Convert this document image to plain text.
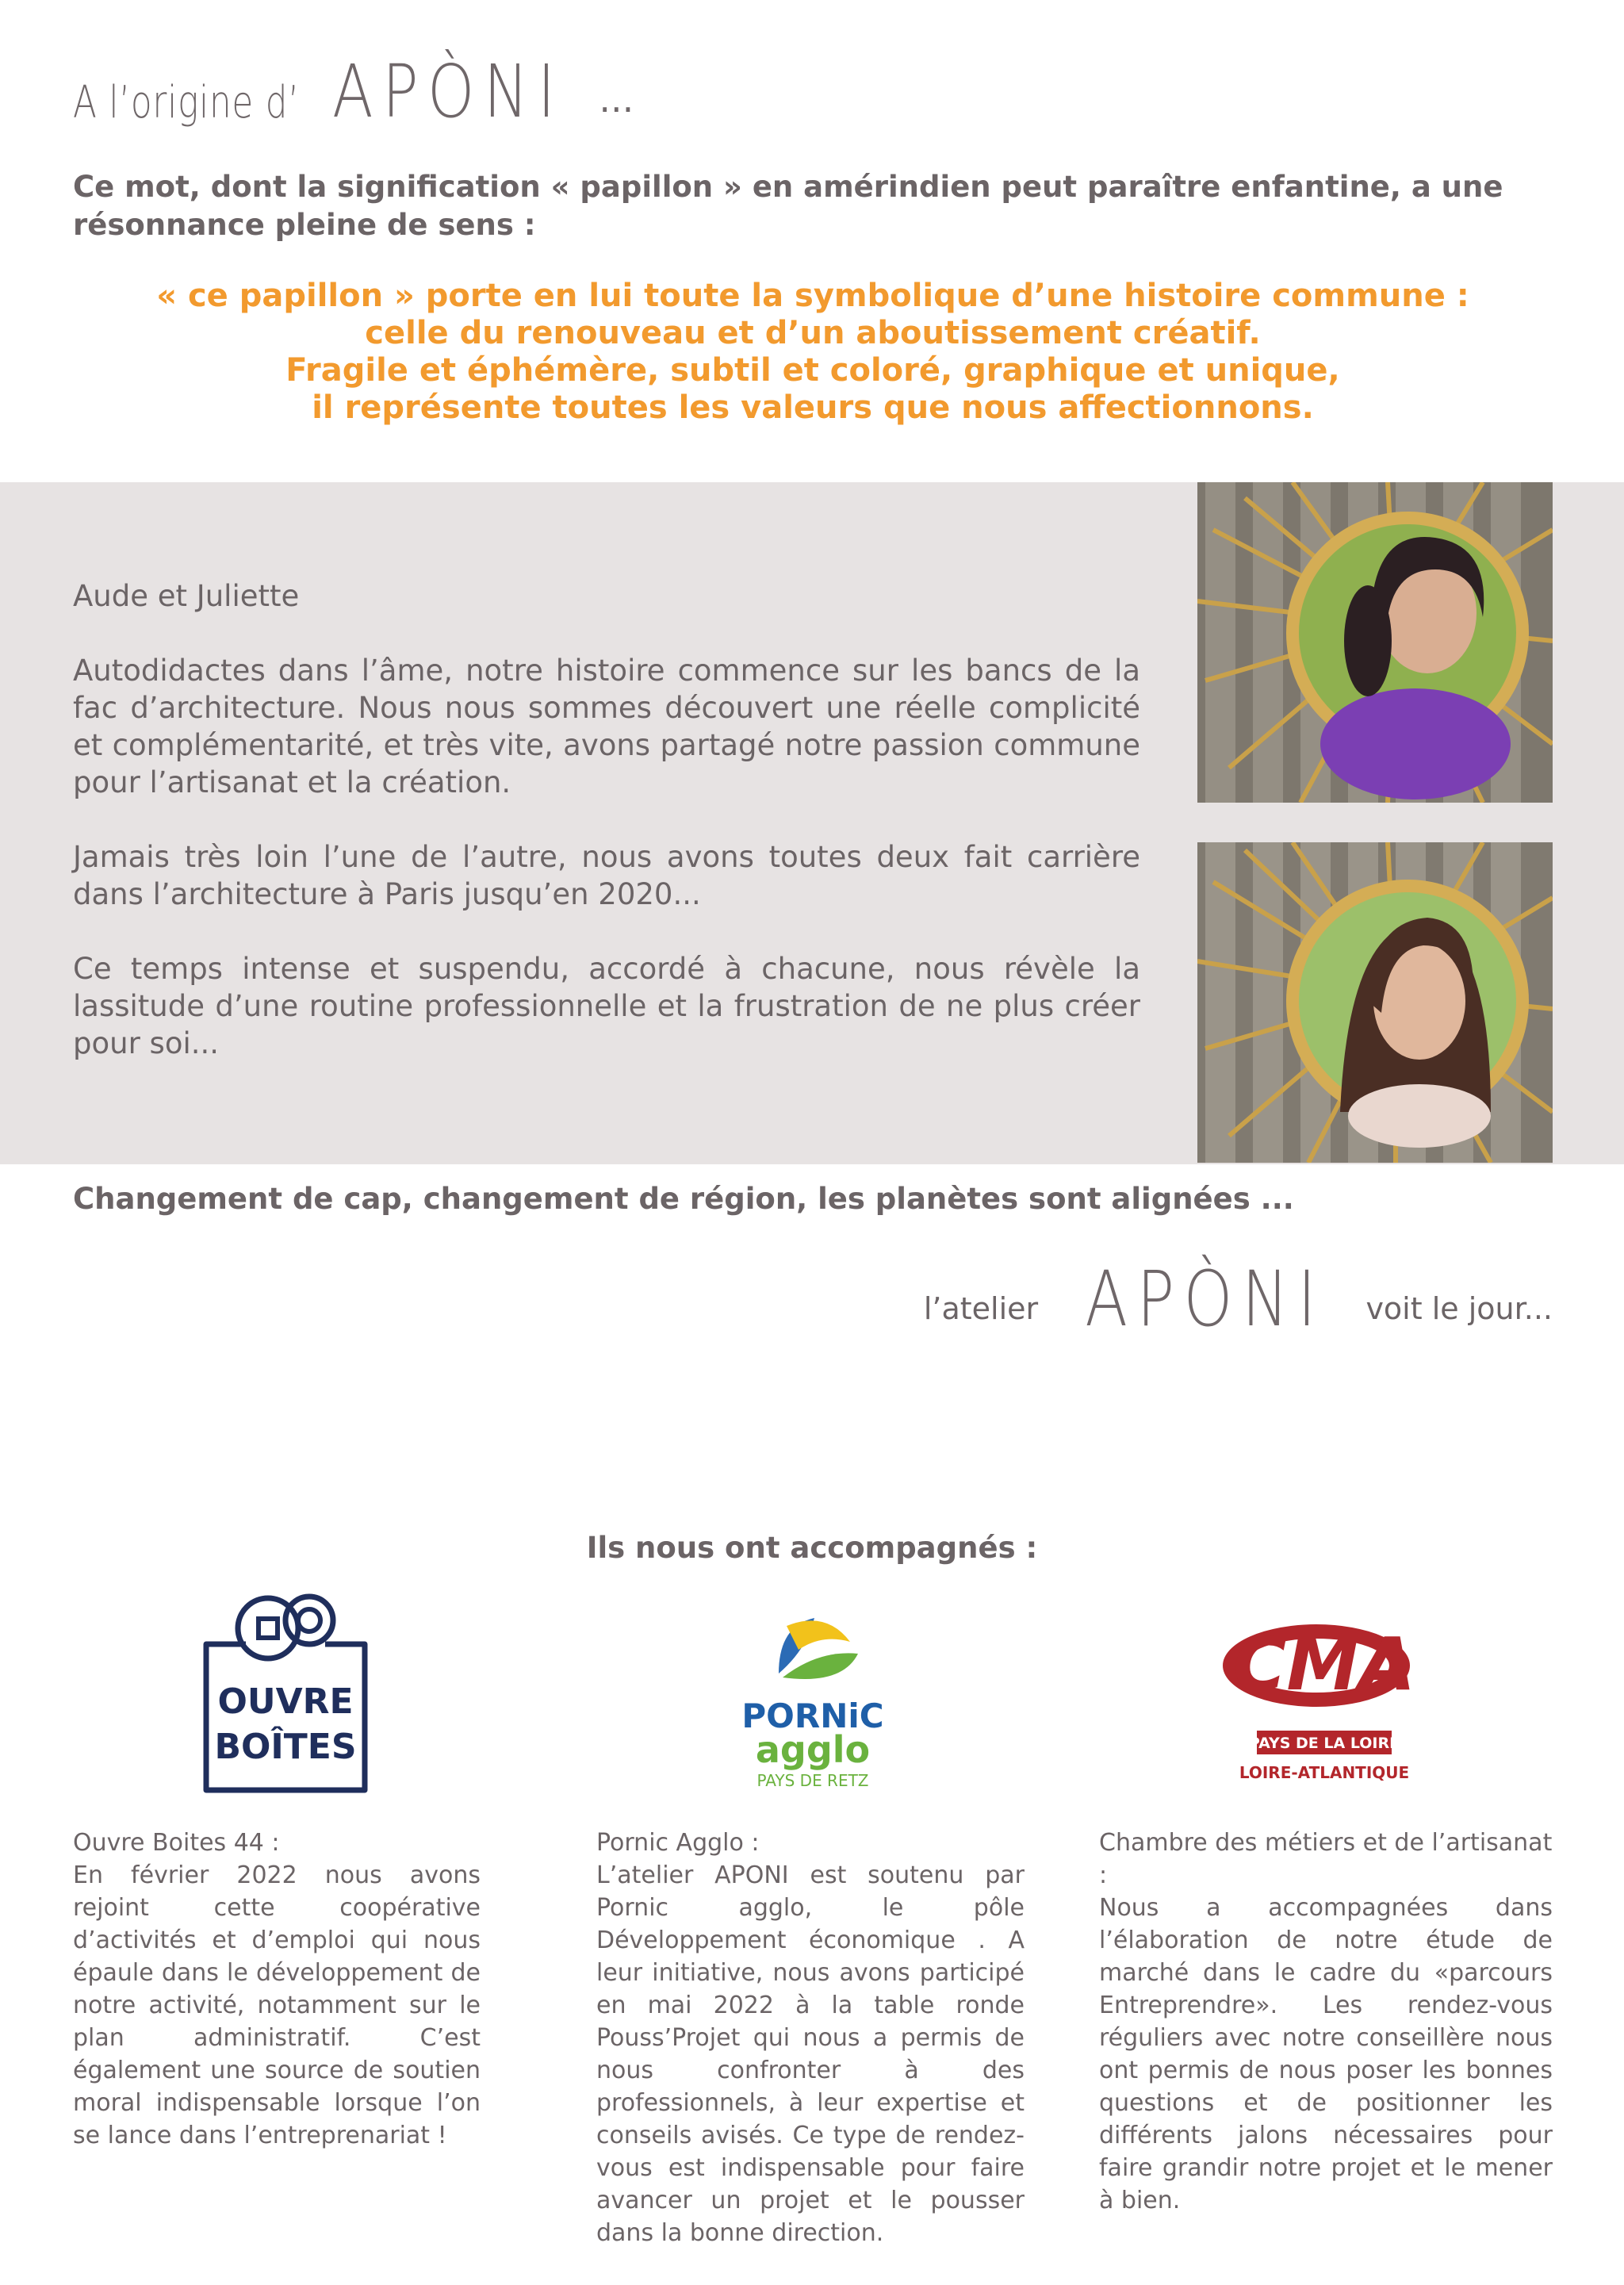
A l’origine d’ APÒNI ...
Ce mot, dont la signification « papillon » en amérindien peut paraître enfantine, a une résonnance pleine de sens :
« ce papillon » porte en lui toute la symbolique d’une histoire commune :
celle du renouveau et d’un aboutissement créatif.
Fragile et éphémère, subtil et coloré, graphique et unique,
il représente toutes les valeurs que nous affectionnons.

Aude et Juliette

Autodidactes dans l’âme, notre histoire commence sur les bancs de la fac d’architecture. Nous nous sommes découvert une réelle complicité et complémentarité, et très vite, avons partagé notre passion commune pour l’artisanat et la création.

Jamais très loin l’une de l’autre, nous avons toutes deux fait carrière dans l’architecture à Paris jusqu’en 2020...

Ce temps intense et suspendu, accordé à chacune, nous révèle la lassitude d’une routine professionnelle et la frustration de ne plus créer pour soi...

Changement de cap, changement de région, les planètes sont alignées ...
l’atelier APÒNI voit le jour...
Ils nous ont accompagnés :
OUVRE
BOÎTES
PORNiC
agglo
PAYS DE RETZ
CMA
PAYS DE LA LOIRE
LOIRE-ATLANTIQUE
Ouvre Boites 44 :
En février 2022 nous avons rejoint cette coopérative d’activités et d’emploi qui nous épaule dans le développement de notre activité, notamment sur le plan administratif. C’est également une source de soutien moral indispensable lorsque l’on se lance dans l’entreprenariat !
Pornic Agglo :
L’atelier APONI est soutenu par Pornic agglo, le pôle Développement économique . A leur initiative, nous avons participé en mai 2022 à la table ronde Pouss’Projet qui nous a permis de nous confronter à des professionnels, à leur expertise et conseils avisés. Ce type de rendez-vous est indispensable pour faire avancer un projet et le pousser dans la bonne direction.
Chambre des métiers et de l’artisanat :
Nous a accompagnées dans l’élaboration de notre étude de marché dans le cadre du «parcours Entreprendre». Les rendez-vous réguliers avec notre conseillère nous ont permis de nous poser les bonnes questions et de positionner les différents jalons nécessaires pour faire grandir notre projet et le mener à bien.
